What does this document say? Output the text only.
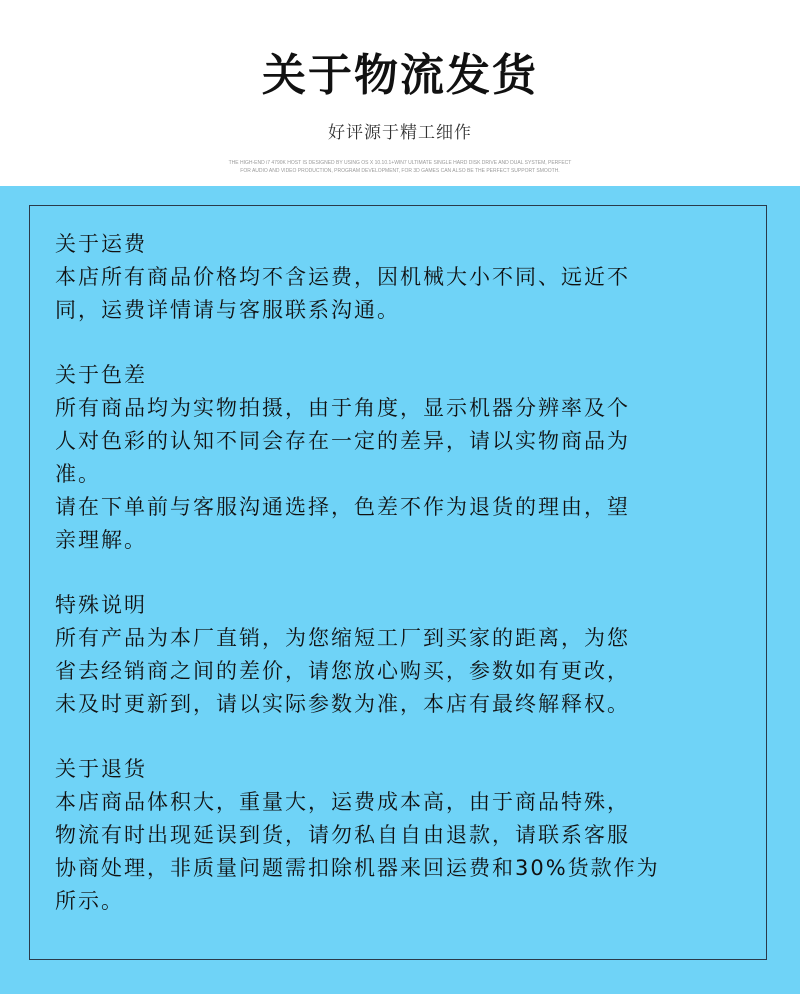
关于物流发货
好评源于精工细作
THE HIGH-END i7 4790K HOST IS DESIGNED BY USING OS X 10.10.1+WIN7 ULTIMATE SINGLE HARD DISK DRIVE AND DUAL SYSTEM, PERFECT
FOR AUDIO AND VIDEO PRODUCTION, PROGRAM DEVELOPMENT, FOR 3D GAMES CAN ALSO BE THE PERFECT SUPPORT SMOOTH.
关于运费
本店所有商品价格均不含运费，因机械大小不同、远近不
同，运费详情请与客服联系沟通。
关于色差
所有商品均为实物拍摄，由于角度，显示机器分辨率及个
人对色彩的认知不同会存在一定的差异，请以实物商品为
准。
请在下单前与客服沟通选择，色差不作为退货的理由，望
亲理解。
特殊说明
所有产品为本厂直销，为您缩短工厂到买家的距离，为您
省去经销商之间的差价，请您放心购买，参数如有更改，
未及时更新到，请以实际参数为准，本店有最终解释权。
关于退货
本店商品体积大，重量大，运费成本高，由于商品特殊，
物流有时出现延误到货，请勿私自自由退款，请联系客服
协商处理，非质量问题需扣除机器来回运费和30%货款作为
所示。
